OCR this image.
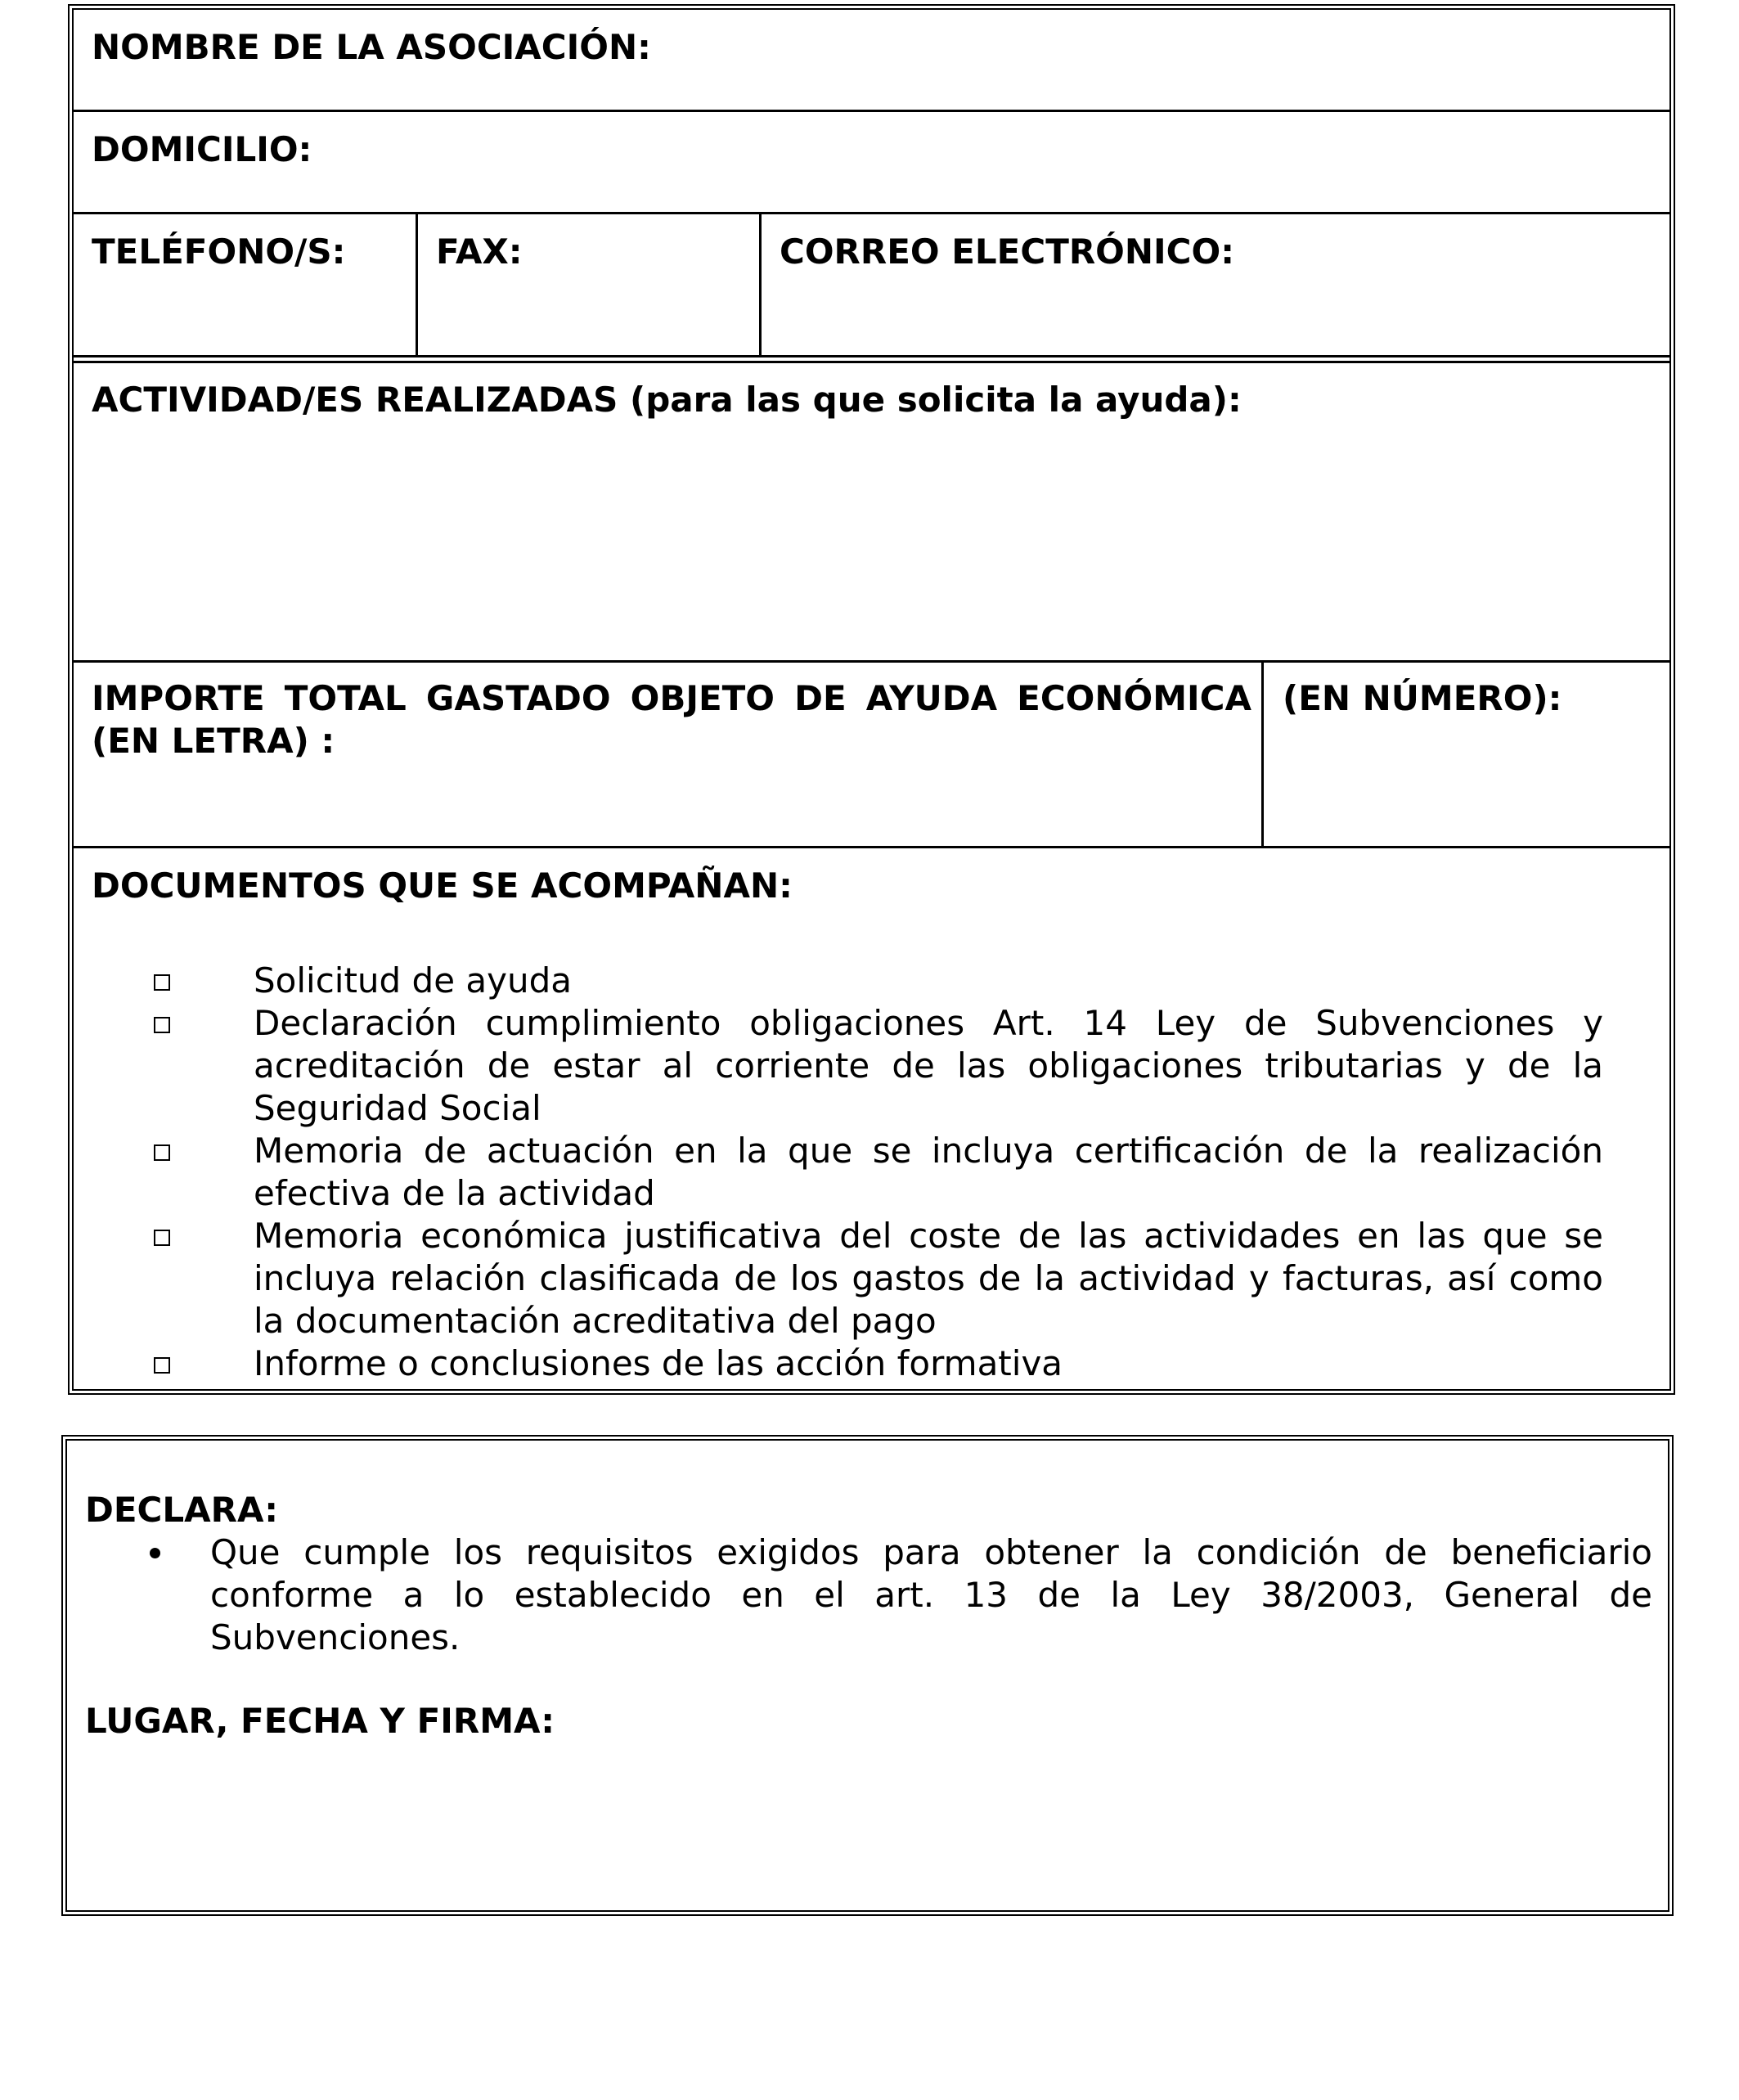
NOMBRE DE LA ASOCIACIÓN:
DOMICILIO:
TELÉFONO/S:	FAX:	CORREO ELECTRÓNICO:
ACTIVIDAD/ES REALIZADAS (para las que solicita la ayuda):
IMPORTE TOTAL GASTADO OBJETO DE AYUDA ECONÓMICA (EN LETRA) :
(EN NÚMERO):
DOCUMENTOS QUE SE ACOMPAÑAN:
Solicitud de ayuda
Declaración cumplimiento obligaciones Art. 14 Ley de Subvenciones y acreditación de estar al corriente de las obligaciones tributarias y de la Seguridad Social
Memoria de actuación en la que se incluya certificación de la realización efectiva de la actividad
Memoria económica justificativa del coste de las actividades en las que se incluya relación clasificada de los gastos de la actividad y facturas, así como la documentación acreditativa del pago
Informe o conclusiones de las acción formativa
DECLARA:
Que cumple los requisitos exigidos para obtener la condición de beneficiario conforme a lo establecido en el art. 13 de la Ley 38/2003, General de Subvenciones.
LUGAR, FECHA Y FIRMA:
